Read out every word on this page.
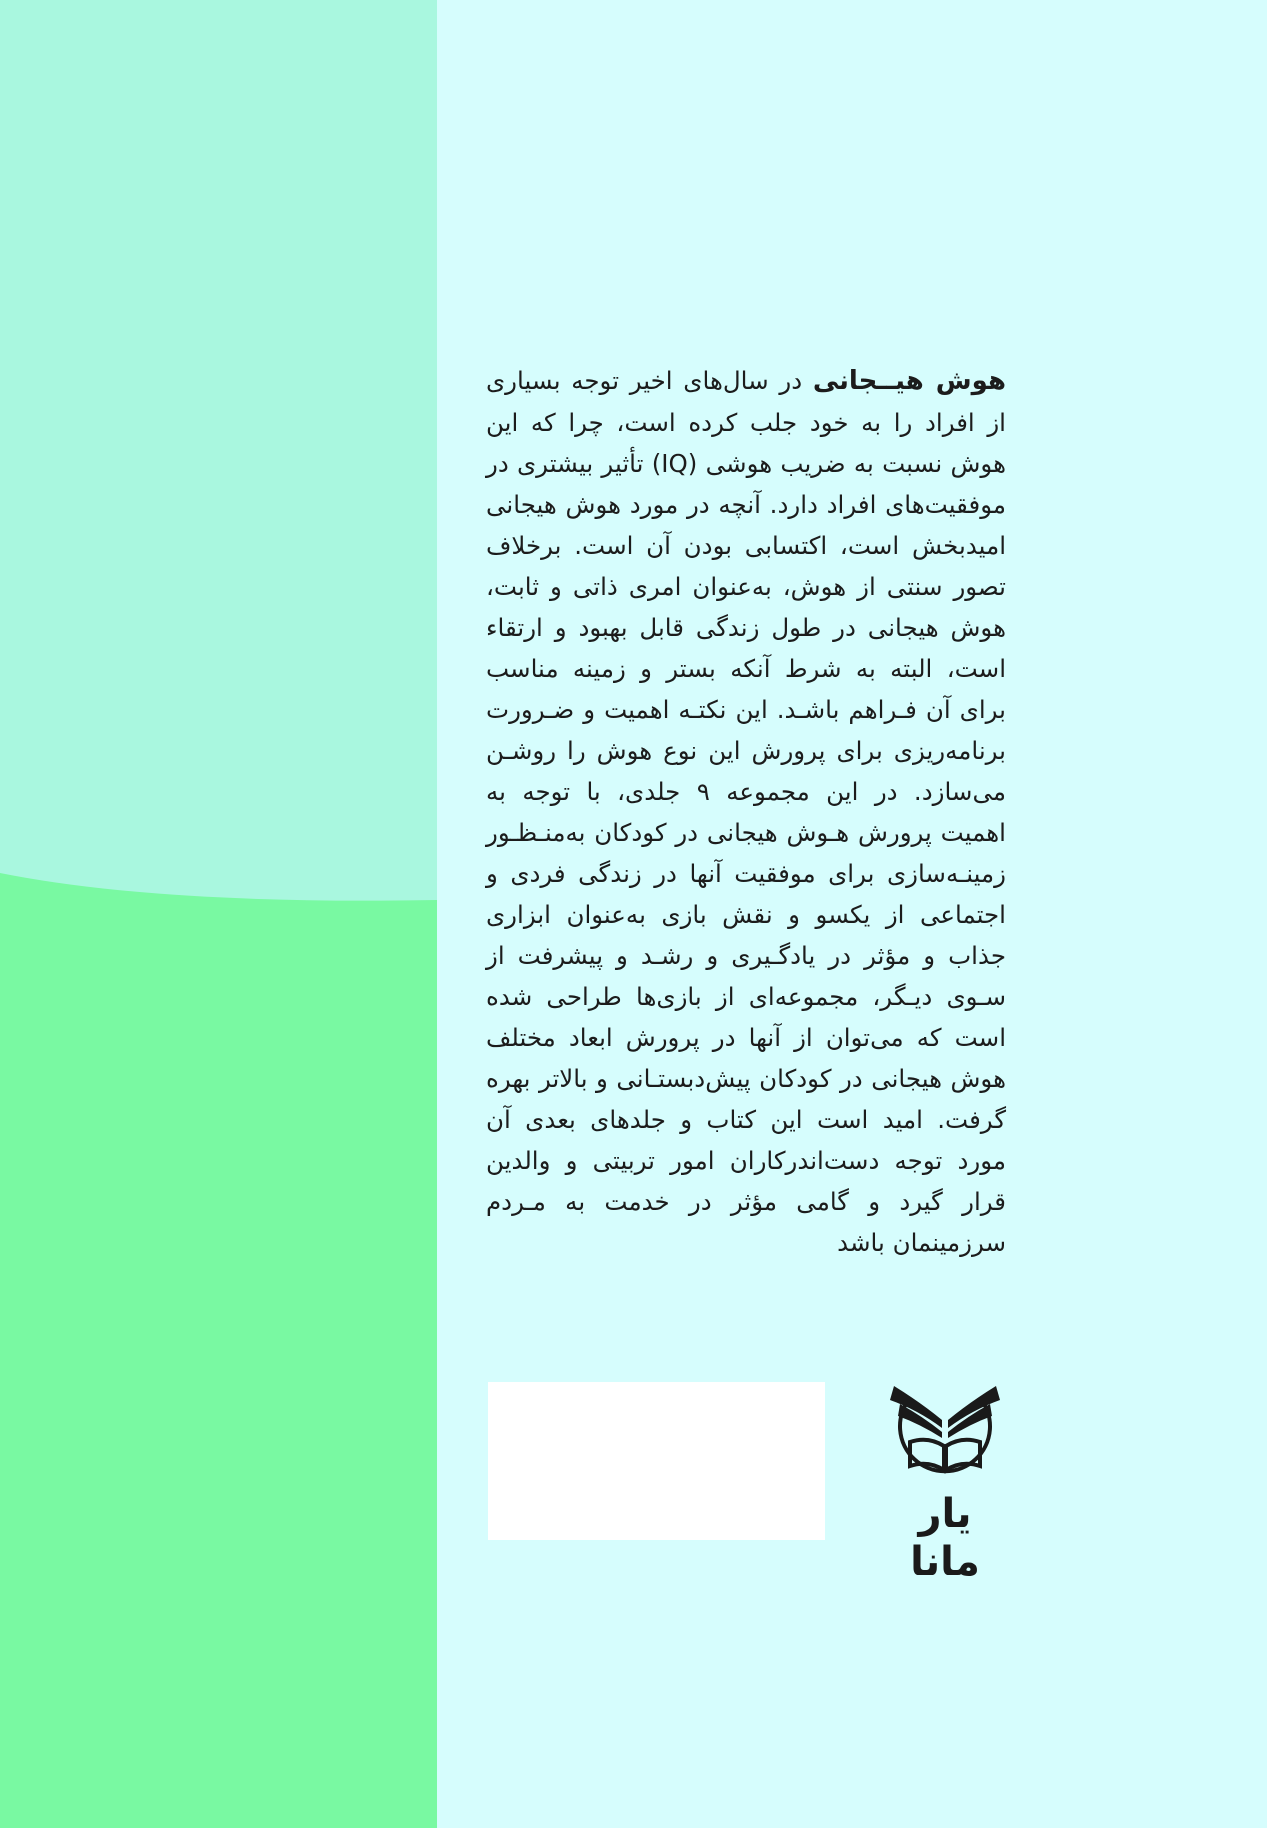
هوش هیــجانی در سال‌های اخیر توجه بسیاری از افراد را به خود جلب کرده است، چرا که این هوش نسبت به ضریب هوشی (IQ) تأثیر بیشتری در موفقیت‌های افراد دارد. آنچه در مورد هوش هیجانی امیدبخش است، اکتسابی بودن آن است. برخلاف تصور سنتی از هوش، به‌عنوان امری ذاتی و ثابت، هوش هیجانی در طول زندگی قابل بهبود و ارتقاء است، البته به شرط آنکه بستر و زمینه مناسب برای آن فـراهم باشـد. این نکتـه اهمیت و ضـرورت برنامه‌ریزی برای پرورش این نوع هوش را روشـن می‌سازد. در این مجموعه ۹ جلدی، با توجه به اهمیت پرورش هـوش هیجانی در کودکان به‌منـظـور زمینـه‌سازی برای موفقیت آنها در زندگی فردی و اجتماعی از یکسو و نقش بازی به‌عنوان ابزاری جذاب و مؤثر در یادگـیری و رشـد و پیشرفت از سـوی دیـگر، مجموعه‌ای از بازی‌ها طراحی شده است که می‌توان از آنها در پرورش ابعاد مختلف هوش هیجانی در کودکان پیش‌دبستـانی و بالاتر بهره گرفت. امید است این کتاب و جلدهای بعدی آن مورد توجه دست‌اندرکاران امور تربیتی و والدین قرار گیرد و گامی مؤثر در خدمت به مـردم سرزمینمان باشد

یار مانا
